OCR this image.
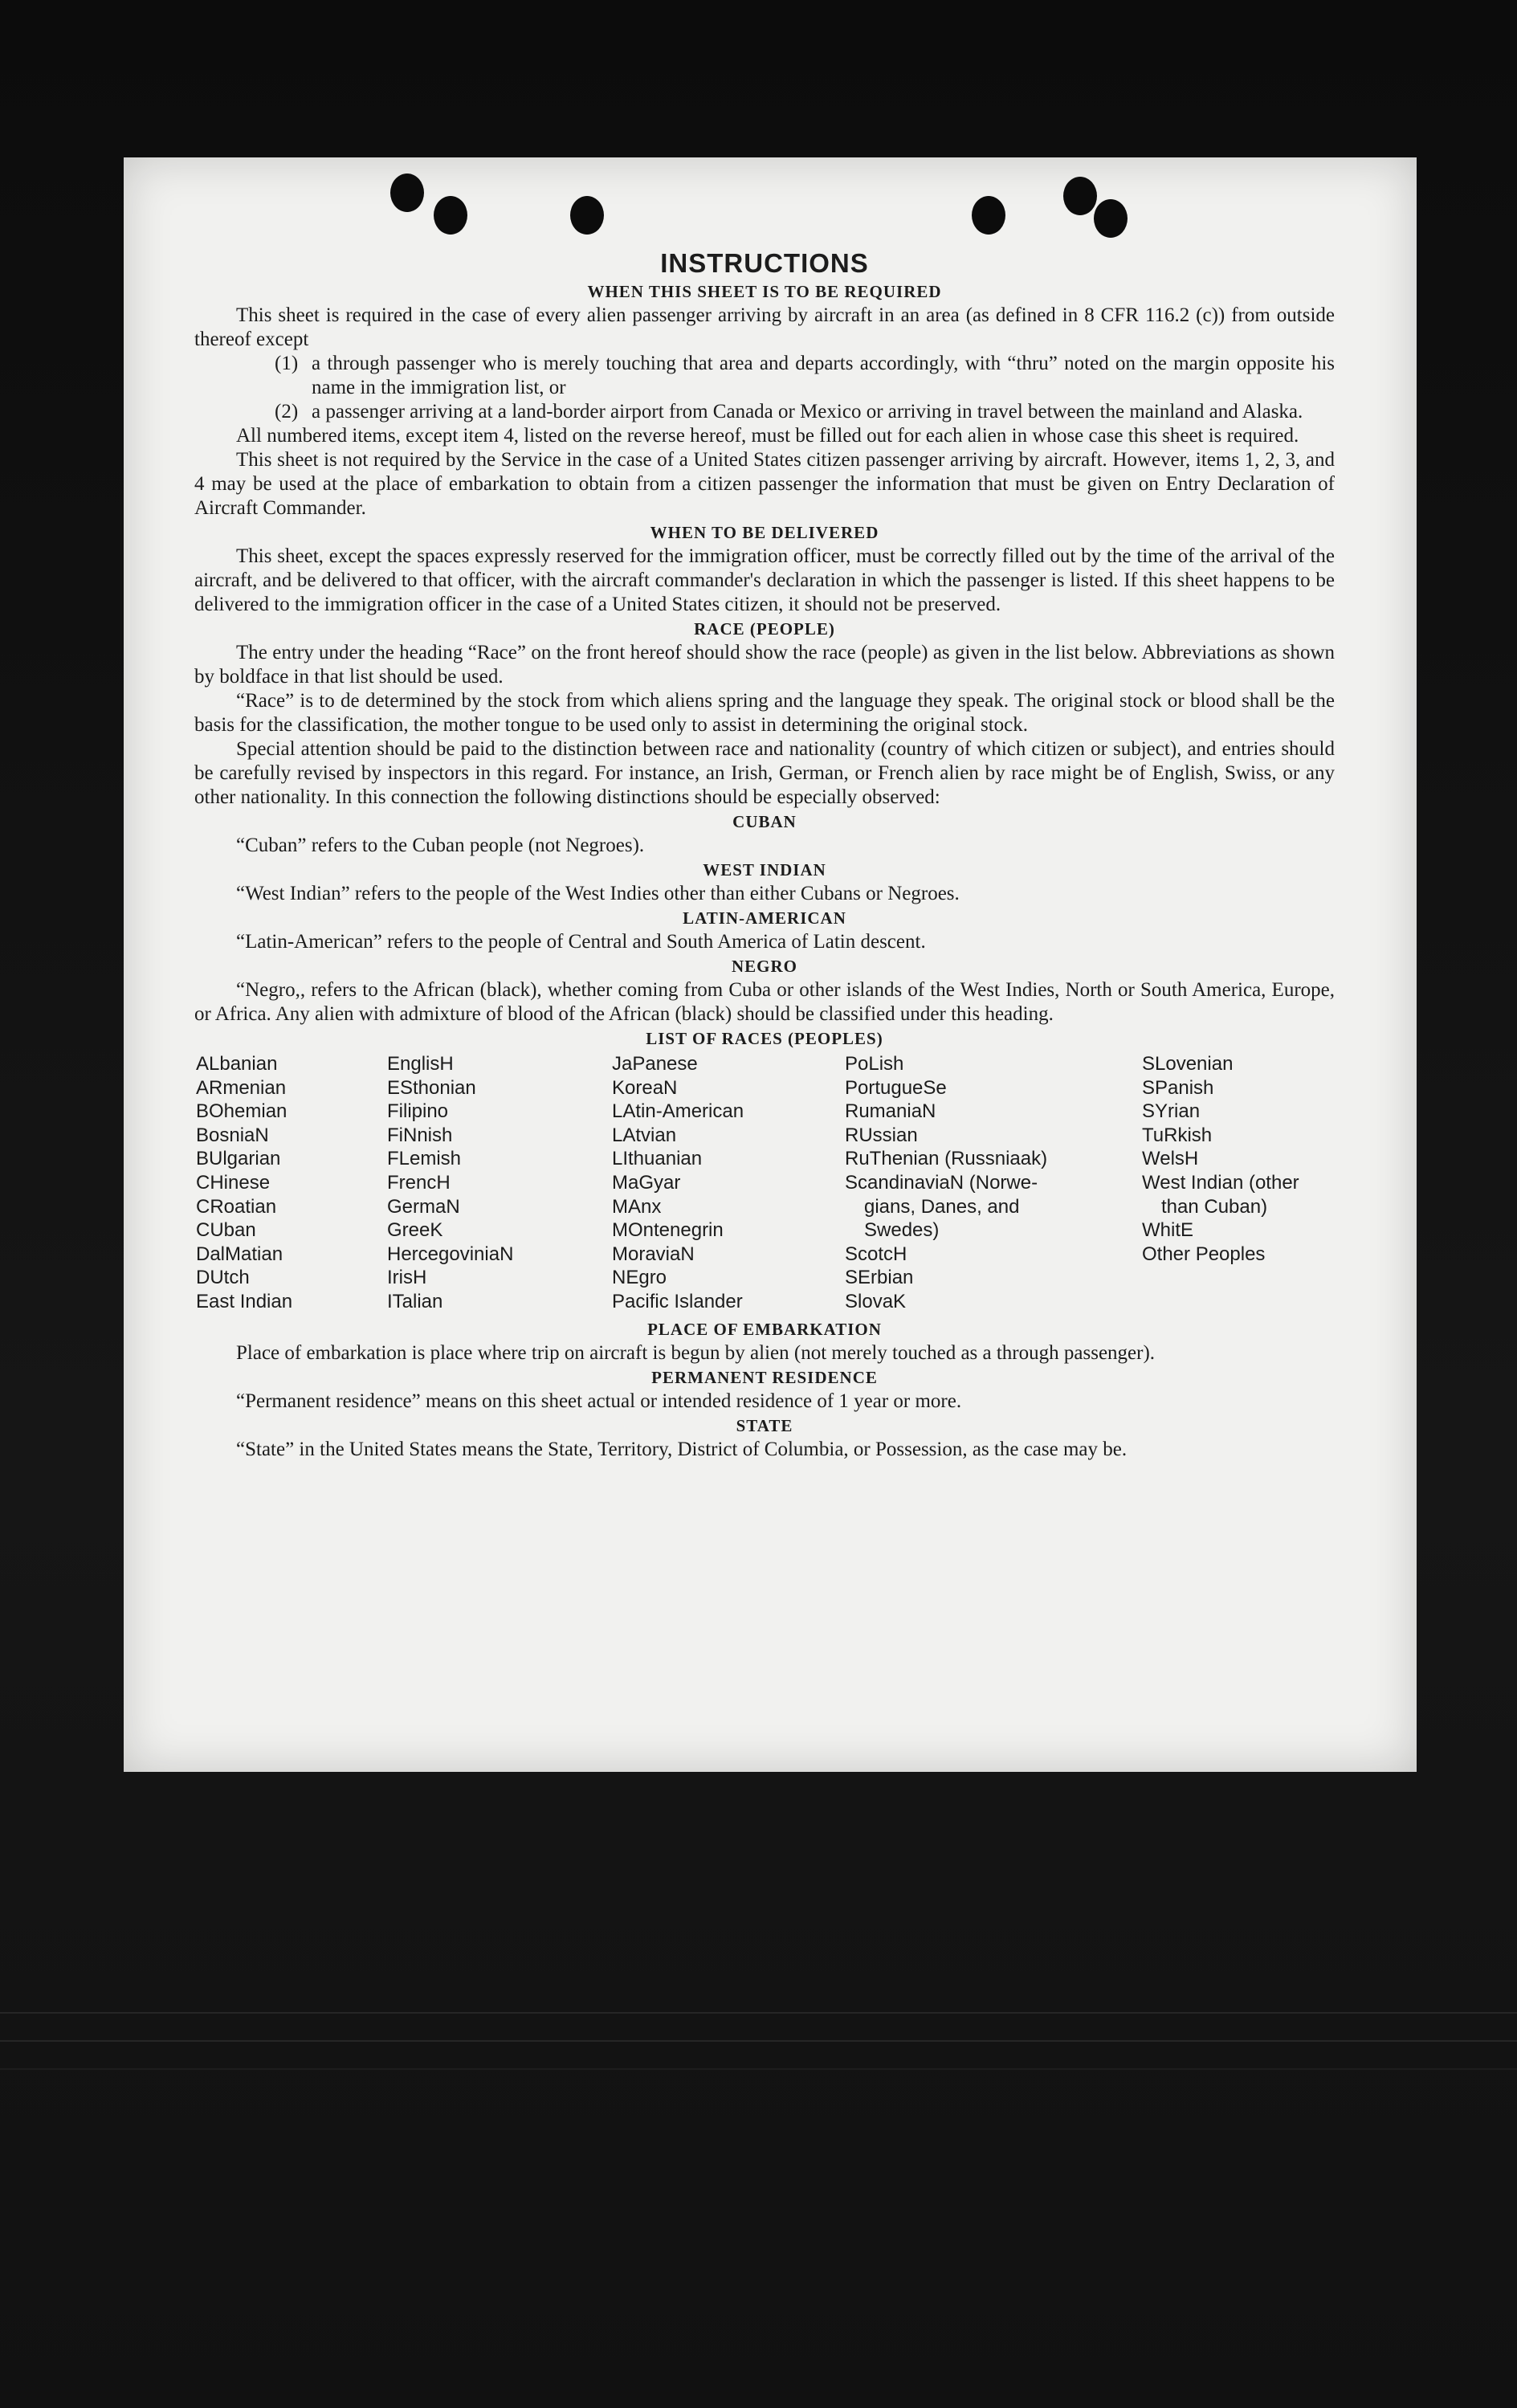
INSTRUCTIONS
WHEN THIS SHEET IS TO BE REQUIRED

This sheet is required in the case of every alien passenger arriving by aircraft in an area (as defined in 8 CFR 116.2 (c)) from outside thereof except

(1) a through passenger who is merely touching that area and departs accordingly, with “thru” noted on the margin opposite his name in the immigration list, or
(2) a passenger arriving at a land-border airport from Canada or Mexico or arriving in travel between the mainland and Alaska.

All numbered items, except item 4, listed on the reverse hereof, must be filled out for each alien in whose case this sheet is required.

This sheet is not required by the Service in the case of a United States citizen passenger arriving by aircraft. However, items 1, 2, 3, and 4 may be used at the place of embarkation to obtain from a citizen passenger the information that must be given on Entry Declaration of Aircraft Commander.

WHEN TO BE DELIVERED

This sheet, except the spaces expressly reserved for the immigration officer, must be correctly filled out by the time of the arrival of the aircraft, and be delivered to that officer, with the aircraft commander's declaration in which the passenger is listed. If this sheet happens to be delivered to the immigration officer in the case of a United States citizen, it should not be preserved.

RACE (PEOPLE)

The entry under the heading “Race” on the front hereof should show the race (people) as given in the list below. Abbreviations as shown by boldface in that list should be used.

“Race” is to de determined by the stock from which aliens spring and the language they speak. The original stock or blood shall be the basis for the classification, the mother tongue to be used only to assist in determining the original stock.

Special attention should be paid to the distinction between race and nationality (country of which citizen or subject), and entries should be carefully revised by inspectors in this regard. For instance, an Irish, German, or French alien by race might be of English, Swiss, or any other nationality. In this connection the following distinctions should be especially observed:

CUBAN

“Cuban” refers to the Cuban people (not Negroes).

WEST INDIAN

“West Indian” refers to the people of the West Indies other than either Cubans or Negroes.

LATIN-AMERICAN

“Latin-American” refers to the people of Central and South America of Latin descent.

NEGRO

“Negro,, refers to the African (black), whether coming from Cuba or other islands of the West Indies, North or South America, Europe, or Africa. Any alien with admixture of blood of the African (black) should be classified under this heading.

LIST OF RACES (PEOPLES)
ALbanian
ARmenian
BOhemian
BosniaN
BUlgarian
CHinese
CRoatian
CUban
DalMatian
DUtch
East Indian
EnglisH
ESthonian
Filipino
FiNnish
FLemish
FrencH
GermaN
GreeK
HercegoviniaN
IrisH
ITalian
JaPanese
KoreaN
LAtin-American
LAtvian
LIthuanian
MaGyar
MAnx
MOntenegrin
MoraviaN
NEgro
Pacific Islander
PoLish
PortugueSe
RumaniaN
RUssian
RuThenian (Russniaak)
ScandinaviaN (Norwe-
gians, Danes, and
Swedes)
ScotcH
SErbian
SlovaK
SLovenian
SPanish
SYrian
TuRkish
WelsH
West Indian (other
than Cuban)
WhitE
Other Peoples
PLACE OF EMBARKATION

Place of embarkation is place where trip on aircraft is begun by alien (not merely touched as a through passenger).

PERMANENT RESIDENCE

“Permanent residence” means on this sheet actual or intended residence of 1 year or more.

STATE

“State” in the United States means the State, Territory, District of Columbia, or Possession, as the case may be.
